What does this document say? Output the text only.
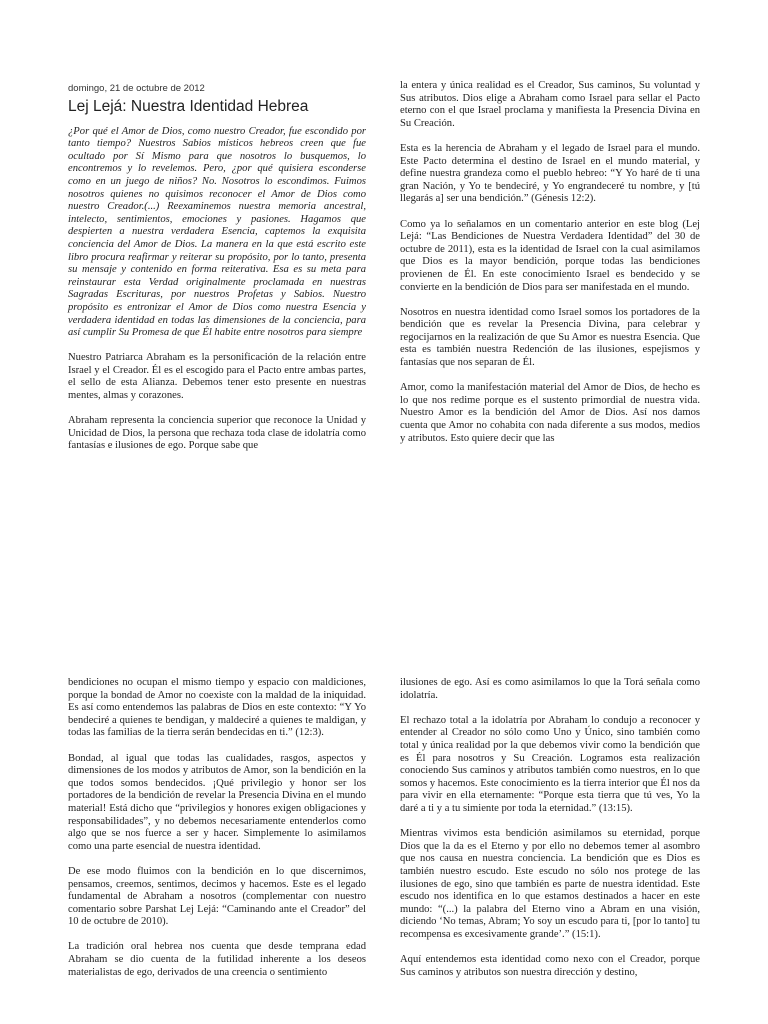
domingo, 21 de octubre de 2012
Lej Lejá: Nuestra Identidad Hebrea

¿Por qué el Amor de Dios, como nuestro Creador, fue escondido por tanto tiempo? Nuestros Sabios místicos hebreos creen que fue ocultado por Sí Mismo para que nosotros lo busquemos, lo encontremos y lo revelemos. Pero, ¿por qué quisiera esconderse como en un juego de niños? No. Nosotros lo escondimos. Fuimos nosotros quienes no quisimos reconocer el Amor de Dios como nuestro Creador.(...) Reexaminemos nuestra memoria ancestral, intelecto, sentimientos, emociones y pasiones. Hagamos que despierten a nuestra verdadera Esencia, captemos la exquisita conciencia del Amor de Dios. La manera en la que está escrito este libro procura reafirmar y reiterar su propósito, por lo tanto, presenta su mensaje y contenido en forma reiterativa. Esa es su meta para reinstaurar esta Verdad originalmente proclamada en nuestras Sagradas Escrituras, por nuestros Profetas y Sabios. Nuestro propósito es entronizar el Amor de Dios como nuestra Esencia y verdadera identidad en todas las dimensiones de la conciencia, para así cumplir Su Promesa de que Él habite entre nosotros para siempre

Nuestro Patriarca Abraham es la personificación de la relación entre Israel y el Creador. Él es el escogido para el Pacto entre ambas partes, el sello de esta Alianza. Debemos tener esto presente en nuestras mentes, almas y corazones.

Abraham representa la conciencia superior que reconoce la Unidad y Unicidad de Dios, la persona que rechaza toda clase de idolatría como fantasías e ilusiones de ego. Porque sabe que

la entera y única realidad es el Creador, Sus caminos, Su voluntad y Sus atributos. Dios elige a Abraham como Israel para sellar el Pacto eterno con el que Israel proclama y manifiesta la Presencia Divina en Su Creación.

Esta es la herencia de Abraham y el legado de Israel para el mundo. Este Pacto determina el destino de Israel en el mundo material, y define nuestra grandeza como el pueblo hebreo: “Y Yo haré de ti una gran Nación, y Yo te bendeciré, y Yo engrandeceré tu nombre, y [tú llegarás a] ser una bendición.” (Génesis 12:2).

Como ya lo señalamos en un comentario anterior en este blog (Lej Lejá: “Las Bendiciones de Nuestra Verdadera Identidad” del 30 de octubre de 2011), esta es la identidad de Israel con la cual asimilamos que Dios es la mayor bendición, porque todas las bendiciones provienen de Él. En este conocimiento Israel es bendecido y se convierte en la bendición de Dios para ser manifestada en el mundo.

Nosotros en nuestra identidad como Israel somos los portadores de la bendición que es revelar la Presencia Divina, para celebrar y regocijarnos en la realización de que Su Amor es nuestra Esencia. Que esta es también nuestra Redención de las ilusiones, espejismos y fantasías que nos separan de Él.

Amor, como la manifestación material del Amor de Dios, de hecho es lo que nos redime porque es el sustento primordial de nuestra vida. Nuestro Amor es la bendición del Amor de Dios. Así nos damos cuenta que Amor no cohabita con nada diferente a sus modos, medios y atributos. Esto quiere decir que las

bendiciones no ocupan el mismo tiempo y espacio con maldiciones, porque la bondad de Amor no coexiste con la maldad de la iniquidad. Es así como entendemos las palabras de Dios en este contexto: “Y Yo bendeciré a quienes te bendigan, y maldeciré a quienes te maldigan, y todas las familias de la tierra serán bendecidas en ti.” (12:3).

Bondad, al igual que todas las cualidades, rasgos, aspectos y dimensiones de los modos y atributos de Amor, son la bendición en la que todos somos bendecidos. ¡Qué privilegio y honor ser los portadores de la bendición de revelar la Presencia Divina en el mundo material! Está dicho que “privilegios y honores exigen obligaciones y responsabilidades”, y no debemos necesariamente entenderlos como algo que se nos fuerce a ser y hacer. Simplemente lo asimilamos como una parte esencial de nuestra identidad.

De ese modo fluimos con la bendición en lo que discernimos, pensamos, creemos, sentimos, decimos y hacemos. Este es el legado fundamental de Abraham a nosotros (complementar con nuestro comentario sobre Parshat Lej Lejá: “Caminando ante el Creador” del 10 de octubre de 2010).

La tradición oral hebrea nos cuenta que desde temprana edad Abraham se dio cuenta de la futilidad inherente a los deseos materialistas de ego, derivados de una creencia o sentimiento

ilusiones de ego. Así es como asimilamos lo que la Torá señala como idolatría.

El rechazo total a la idolatría por Abraham lo condujo a reconocer y entender al Creador no sólo como Uno y Único, sino también como total y única realidad por la que debemos vivir como la bendición que es Él para nosotros y Su Creación. Logramos esta realización conociendo Sus caminos y atributos también como nuestros, en lo que somos y hacemos. Este conocimiento es la tierra interior que Él nos da para vivir en ella eternamente: “Porque esta tierra que tú ves, Yo la daré a ti y a tu simiente por toda la eternidad.” (13:15).

Mientras vivimos esta bendición asimilamos su eternidad, porque Dios que la da es el Eterno y por ello no debemos temer al asombro que nos causa en nuestra conciencia. La bendición que es Dios es también nuestro escudo. Este escudo no sólo nos protege de las ilusiones de ego, sino que también es parte de nuestra identidad. Este escudo nos identifica en lo que estamos destinados a hacer en este mundo: “(...) la palabra del Eterno vino a Abram en una visión, diciendo ‘No temas, Abram; Yo soy un escudo para ti, [por lo tanto] tu recompensa es excesivamente grande’.” (15:1).

Aquí entendemos esta identidad como nexo con el Creador, porque Sus caminos y atributos son nuestra dirección y destino,
